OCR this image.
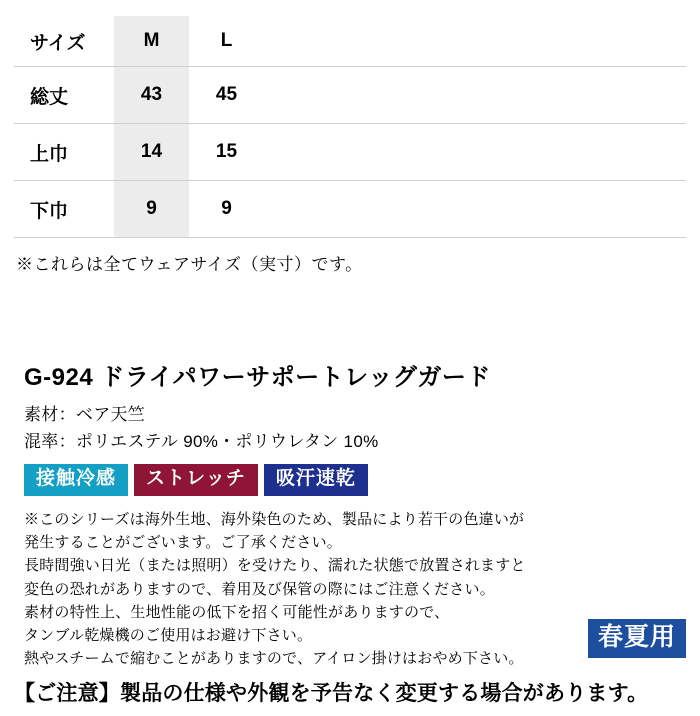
サイズ	M	L	
総丈	43	45	
上巾	14	15	
下巾	9	9	
※これらは全てウェアサイズ（実寸）です。
G-924 ドライパワーサポートレッグガード
素材：ベア天竺
混率：ポリエステル 90%・ポリウレタン 10%
接触冷感	ストレッチ	吸汗速乾
※このシリーズは海外生地、海外染色のため、製品により若干の色違いが
発生することがございます。ご了承ください。
長時間強い日光（または照明）を受けたり、濡れた状態で放置されますと
変色の恐れがありますので、着用及び保管の際にはご注意ください。
素材の特性上、生地性能の低下を招く可能性がありますので、
タンブル乾燥機のご使用はお避け下さい。
熱やスチームで縮むことがありますので、アイロン掛けはおやめ下さい。
春夏用
【ご注意】製品の仕様や外観を予告なく変更する場合があります。
